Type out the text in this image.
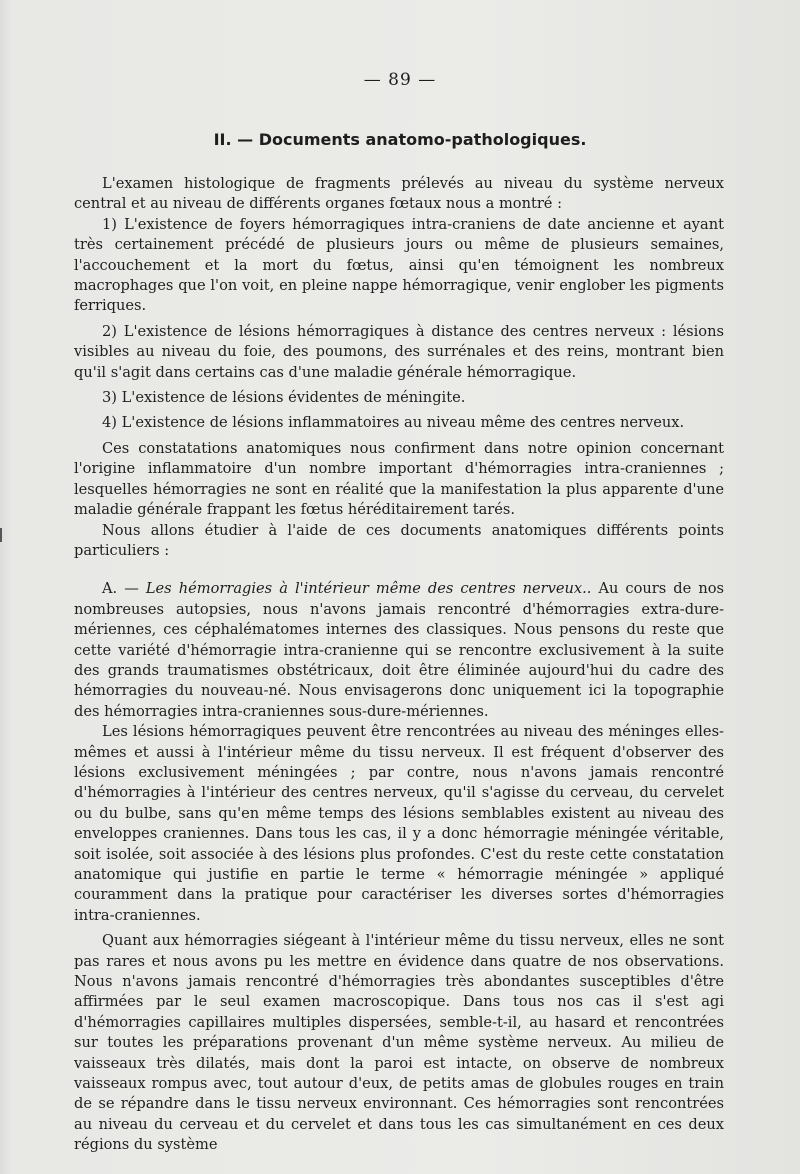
— 89 —
II. — Documents anatomo-pathologiques.

L'examen histologique de fragments prélevés au niveau du système nerveux central et au niveau de différents organes fœtaux nous a montré :

1) L'existence de foyers hémorragiques intra-craniens de date ancienne et ayant très certainement précédé de plusieurs jours ou même de plusieurs semaines, l'accouchement et la mort du fœtus, ainsi qu'en témoignent les nombreux macrophages que l'on voit, en pleine nappe hémorragique, venir englober les pigments ferriques.

2) L'existence de lésions hémorragiques à distance des centres nerveux : lésions visibles au niveau du foie, des poumons, des surrénales et des reins, montrant bien qu'il s'agit dans certains cas d'une maladie générale hémorragique.

3) L'existence de lésions évidentes de méningite.

4) L'existence de lésions inflammatoires au niveau même des centres nerveux.

Ces constatations anatomiques nous confirment dans notre opinion concernant l'origine inflammatoire d'un nombre important d'hémorragies intra-craniennes ; lesquelles hémorragies ne sont en réalité que la manifestation la plus apparente d'une maladie générale frappant les fœtus héréditairement tarés.

Nous allons étudier à l'aide de ces documents anatomiques différents points particuliers :

A. — Les hémorragies à l'intérieur même des centres nerveux.. Au cours de nos nombreuses autopsies, nous n'avons jamais rencontré d'hémorragies extra-dure-mériennes, ces céphalématomes internes des classiques. Nous pensons du reste que cette variété d'hémorragie intra-cranienne qui se rencontre exclusivement à la suite des grands traumatismes obstétricaux, doit être éliminée aujourd'hui du cadre des hémorragies du nouveau-né. Nous envisagerons donc uniquement ici la topographie des hémorragies intra-craniennes sous-dure-mériennes.

Les lésions hémorragiques peuvent être rencontrées au niveau des méninges elles-mêmes et aussi à l'intérieur même du tissu nerveux. Il est fréquent d'observer des lésions exclusivement méningées ; par contre, nous n'avons jamais rencontré d'hémorragies à l'intérieur des centres nerveux, qu'il s'agisse du cerveau, du cervelet ou du bulbe, sans qu'en même temps des lésions semblables existent au niveau des enveloppes craniennes. Dans tous les cas, il y a donc hémorragie méningée véritable, soit isolée, soit associée à des lésions plus profondes. C'est du reste cette constatation anatomique qui justifie en partie le terme « hémorragie méningée » appliqué couramment dans la pratique pour caractériser les diverses sortes d'hémorragies intra-craniennes.

Quant aux hémorragies siégeant à l'intérieur même du tissu nerveux, elles ne sont pas rares et nous avons pu les mettre en évidence dans quatre de nos observations. Nous n'avons jamais rencontré d'hémorragies très abondantes susceptibles d'être affirmées par le seul examen macroscopique. Dans tous nos cas il s'est agi d'hémorragies capillaires multiples dispersées, semble-t-il, au hasard et rencontrées sur toutes les préparations provenant d'un même système nerveux. Au milieu de vaisseaux très dilatés, mais dont la paroi est intacte, on observe de nombreux vaisseaux rompus avec, tout autour d'eux, de petits amas de globules rouges en train de se répandre dans le tissu nerveux environnant. Ces hémorragies sont rencontrées au niveau du cerveau et du cervelet et dans tous les cas simultanément en ces deux régions du système
